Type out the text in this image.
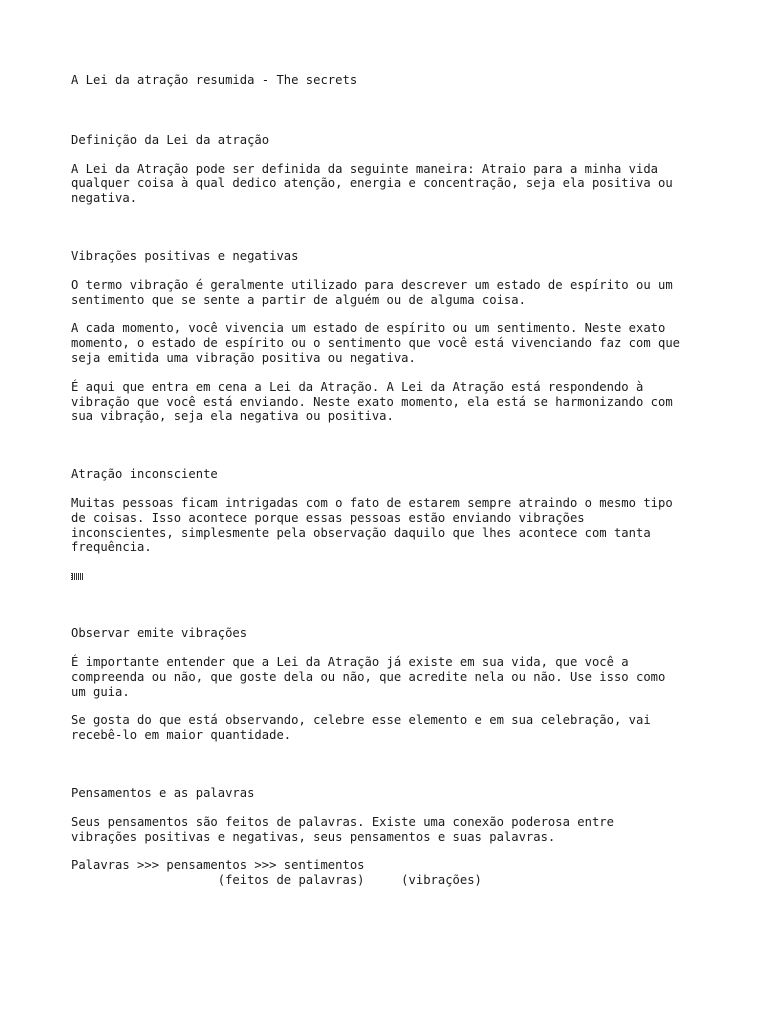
A Lei da atração resumida - The secrets

Definição da Lei da atração

A Lei da Atração pode ser definida da seguinte maneira: Atraio para a minha vida
qualquer coisa à qual dedico atenção, energia e concentração, seja ela positiva ou
negativa.

Vibrações positivas e negativas

O termo vibração é geralmente utilizado para descrever um estado de espírito ou um
sentimento que se sente a partir de alguém ou de alguma coisa.

A cada momento, você vivencia um estado de espírito ou um sentimento. Neste exato
momento, o estado de espírito ou o sentimento que você está vivenciando faz com que
seja emitida uma vibração positiva ou negativa.

É aqui que entra em cena a Lei da Atração. A Lei da Atração está respondendo à
vibração que você está enviando. Neste exato momento, ela está se harmonizando com
sua vibração, seja ela negativa ou positiva.

Atração inconsciente

Muitas pessoas ficam intrigadas com o fato de estarem sempre atraindo o mesmo tipo
de coisas. Isso acontece porque essas pessoas estão enviando vibrações
inconscientes, simplesmente pela observação daquilo que lhes acontece com tanta
frequência.

Observar emite vibrações

É importante entender que a Lei da Atração já existe em sua vida, que você a
compreenda ou não, que goste dela ou não, que acredite nela ou não. Use isso como
um guia.

Se gosta do que está observando, celebre esse elemento e em sua celebração, vai
recebê-lo em maior quantidade.

Pensamentos e as palavras

Seus pensamentos são feitos de palavras. Existe uma conexão poderosa entre
vibrações positivas e negativas, seus pensamentos e suas palavras.

Palavras >>> pensamentos >>> sentimentos

(feitos de palavras)     (vibrações)
